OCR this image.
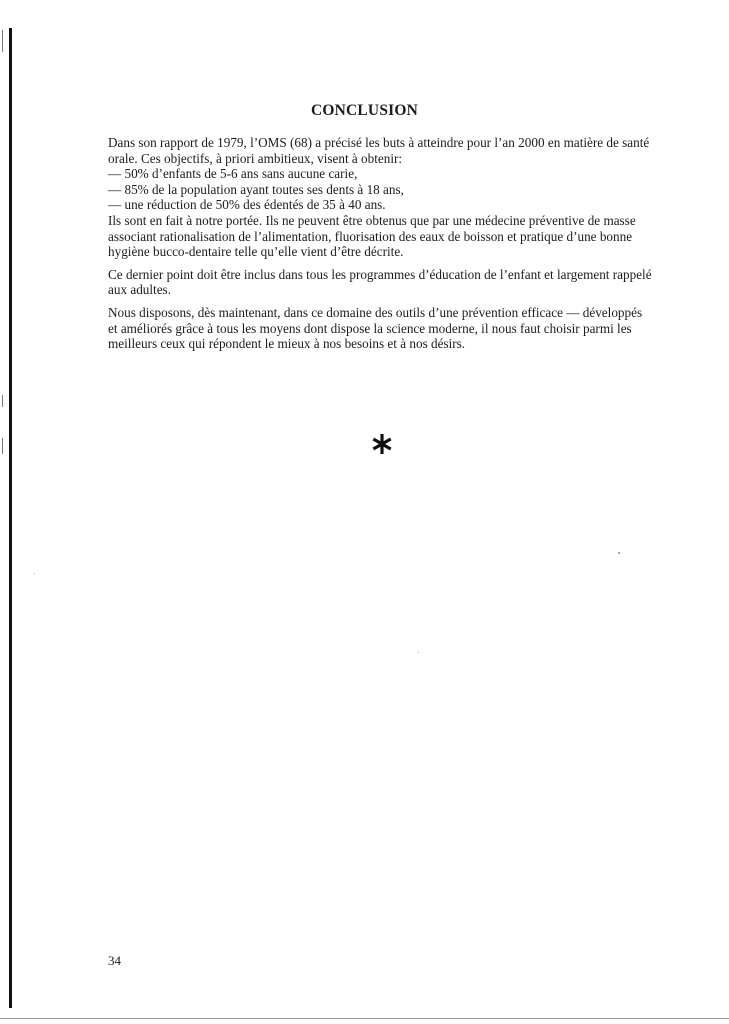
CONCLUSION

Dans son rapport de 1979, l’OMS (68) a précisé les buts à atteindre pour l’an 2000 en matière de santé
orale. Ces objectifs, à priori ambitieux, visent à obtenir:
— 50% d’enfants de 5-6 ans sans aucune carie,
— 85% de la population ayant toutes ses dents à 18 ans,
— une réduction de 50% des édentés de 35 à 40 ans.
Ils sont en fait à notre portée. Ils ne peuvent être obtenus que par une médecine préventive de masse
associant rationalisation de l’alimentation, fluorisation des eaux de boisson et pratique d’une bonne
hygiène bucco-dentaire telle qu’elle vient d’être décrite.

Ce dernier point doit être inclus dans tous les programmes d’éducation de l’enfant et largement rappelé
aux adultes.

Nous disposons, dès maintenant, dans ce domaine des outils d’une prévention efficace — développés
et améliorés grâce à tous les moyens dont dispose la science moderne, il nous faut choisir parmi les
meilleurs ceux qui répondent le mieux à nos besoins et à nos désirs.

34
